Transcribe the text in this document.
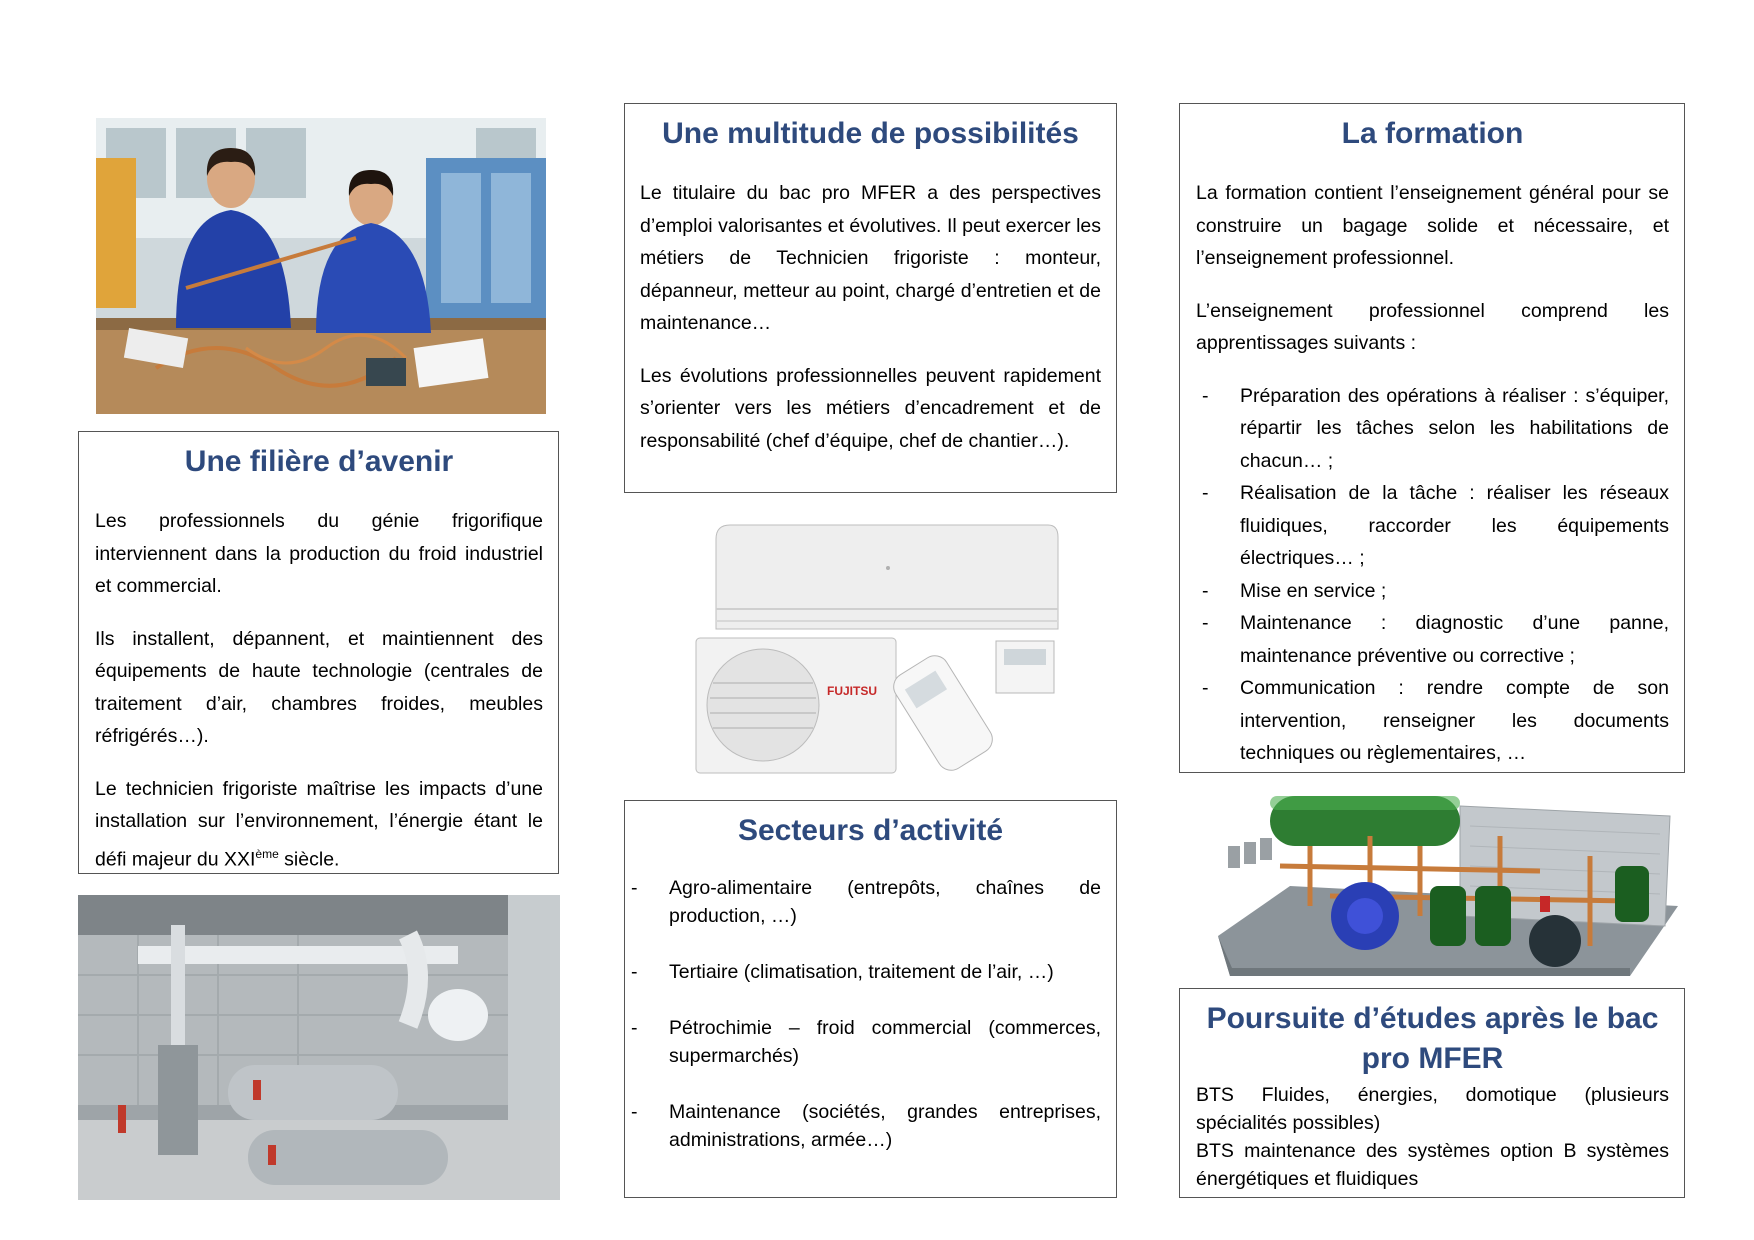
Une filière d’avenir

Les professionnels du génie frigorifique interviennent dans la production du froid industriel et commercial.

Ils installent, dépannent, et maintiennent des équipements de haute technologie (centrales de traitement d’air, chambres froides, meubles réfrigérés…).

Le technicien frigoriste maîtrise les impacts d’une installation sur l’environnement, l’énergie étant le défi majeur du XXIème siècle.

Une multitude de possibilités

Le titulaire du bac pro MFER a des perspectives d’emploi valorisantes et évolutives. Il peut exercer les métiers de Technicien frigoriste : monteur, dépanneur, metteur au point, chargé d’entretien et de maintenance…

Les évolutions professionnelles peuvent rapidement s’orienter vers les métiers d’encadrement et de responsabilité (chef d’équipe, chef de chantier…).

FUJITSU
Secteurs d’activité
- Agro-alimentaire (entrepôts, chaînes de production, …)
- Tertiaire (climatisation, traitement de l’air, …)
- Pétrochimie – froid commercial (commerces, supermarchés)
- Maintenance (sociétés, grandes entreprises, administrations, armée…)
La formation

La formation contient l’enseignement général pour se construire un bagage solide et nécessaire, et l’enseignement professionnel.

L’enseignement professionnel comprend les apprentissages suivants :

- Préparation des opérations à réaliser : s’équiper, répartir les tâches selon les habilitations de chacun… ;
- Réalisation de la tâche : réaliser les réseaux fluidiques, raccorder les équipements électriques… ;
- Mise en service ;
- Maintenance : diagnostic d’une panne, maintenance préventive ou corrective ;
- Communication : rendre compte de son intervention, renseigner les documents techniques ou règlementaires, …
Poursuite d’études après le bac pro MFER
BTS Fluides, énergies, domotique (plusieurs spécialités possibles)
BTS maintenance des systèmes option B systèmes énergétiques et fluidiques
